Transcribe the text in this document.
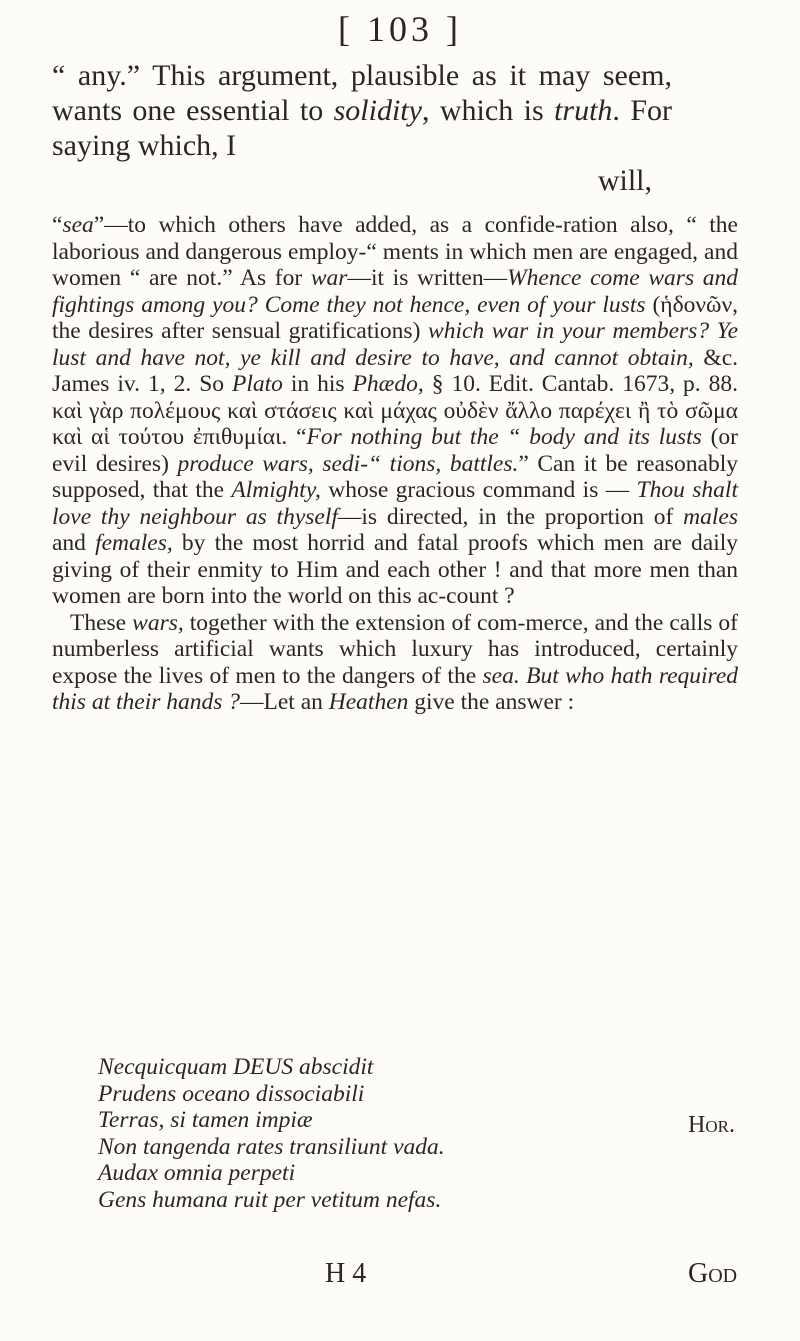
[ 103 ]
“ any.” This argument, plausible as it may seem, wants one essential to solidity, which is truth. For saying which, I
will,

“sea”—to which others have added, as a confide-ration also, “ the laborious and dangerous employ-“ ments in which men are engaged, and women “ are not.” As for war—it is written—Whence come wars and fightings among you? Come they not hence, even of your lusts (ἡδονῶν, the desires after sensual gratifications) which war in your members? Ye lust and have not, ye kill and desire to have, and cannot obtain, &c. James iv. 1, 2. So Plato in his Phædo, § 10. Edit. Cantab. 1673, p. 88. καὶ γὰρ πολέμους καὶ στάσεις καὶ μάχας οὐδὲν ἄλλο παρέχει ἢ τὸ σῶμα καὶ αἱ τούτου ἐπιθυμίαι. “For nothing but the “ body and its lusts (or evil desires) produce wars, sedi-“ tions, battles.” Can it be reasonably supposed, that the Almighty, whose gracious command is — Thou shalt love thy neighbour as thyself—is directed, in the proportion of males and females, by the most horrid and fatal proofs which men are daily giving of their enmity to Him and each other ! and that more men than women are born into the world on this ac-count ?

These wars, together with the extension of com-merce, and the calls of numberless artificial wants which luxury has introduced, certainly expose the lives of men to the dangers of the sea. But who hath required this at their hands ?—Let an Heathen give the answer :

Necquicquam DEUS abscidit
Prudens oceano dissociabili
Terras, si tamen impiæ
Non tangenda rates transiliunt vada.
Audax omnia perpeti
Gens humana ruit per vetitum nefas.
Hor.
H 4	God
